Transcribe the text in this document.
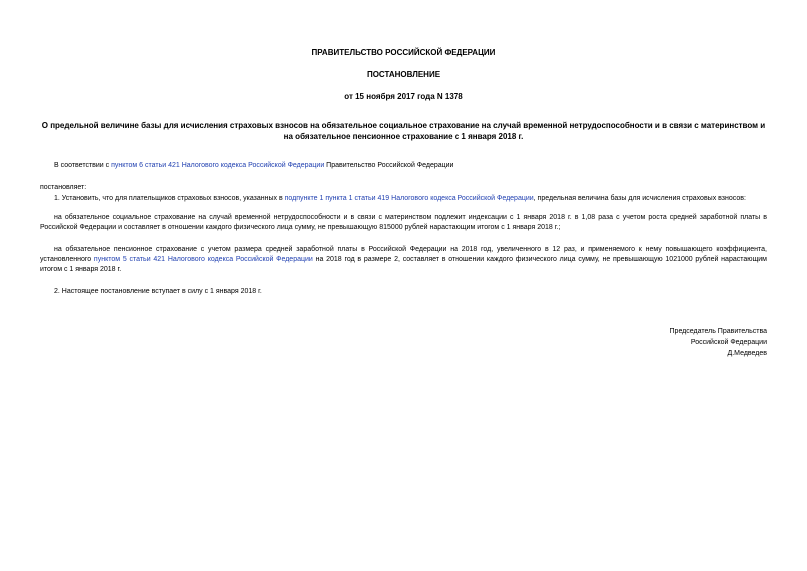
ПРАВИТЕЛЬСТВО РОССИЙСКОЙ ФЕДЕРАЦИИ
ПОСТАНОВЛЕНИЕ
от 15 ноября 2017 года N 1378
О предельной величине базы для исчисления страховых взносов на обязательное социальное страхование на случай временной нетрудоспособности и в связи с материнством и на обязательное пенсионное страхование с 1 января 2018 г.
В соответствии с пунктом 6 статьи 421 Налогового кодекса Российской Федерации Правительство Российской Федерации
постановляет:
1. Установить, что для плательщиков страховых взносов, указанных в подпункте 1 пункта 1 статьи 419 Налогового кодекса Российской Федерации, предельная величина базы для исчисления страховых взносов:
на обязательное социальное страхование на случай временной нетрудоспособности и в связи с материнством подлежит индексации с 1 января 2018 г. в 1,08 раза с учетом роста средней заработной платы в Российской Федерации и составляет в отношении каждого физического лица сумму, не превышающую 815000 рублей нарастающим итогом с 1 января 2018 г.;
на обязательное пенсионное страхование с учетом размера средней заработной платы в Российской Федерации на 2018 год, увеличенного в 12 раз, и применяемого к нему повышающего коэффициента, установленного пунктом 5 статьи 421 Налогового кодекса Российской Федерации на 2018 год в размере 2, составляет в отношении каждого физического лица сумму, не превышающую 1021000 рублей нарастающим итогом с 1 января 2018 г.
2. Настоящее постановление вступает в силу с 1 января 2018 г.
Председатель Правительства
Российской Федерации
Д.Медведев
